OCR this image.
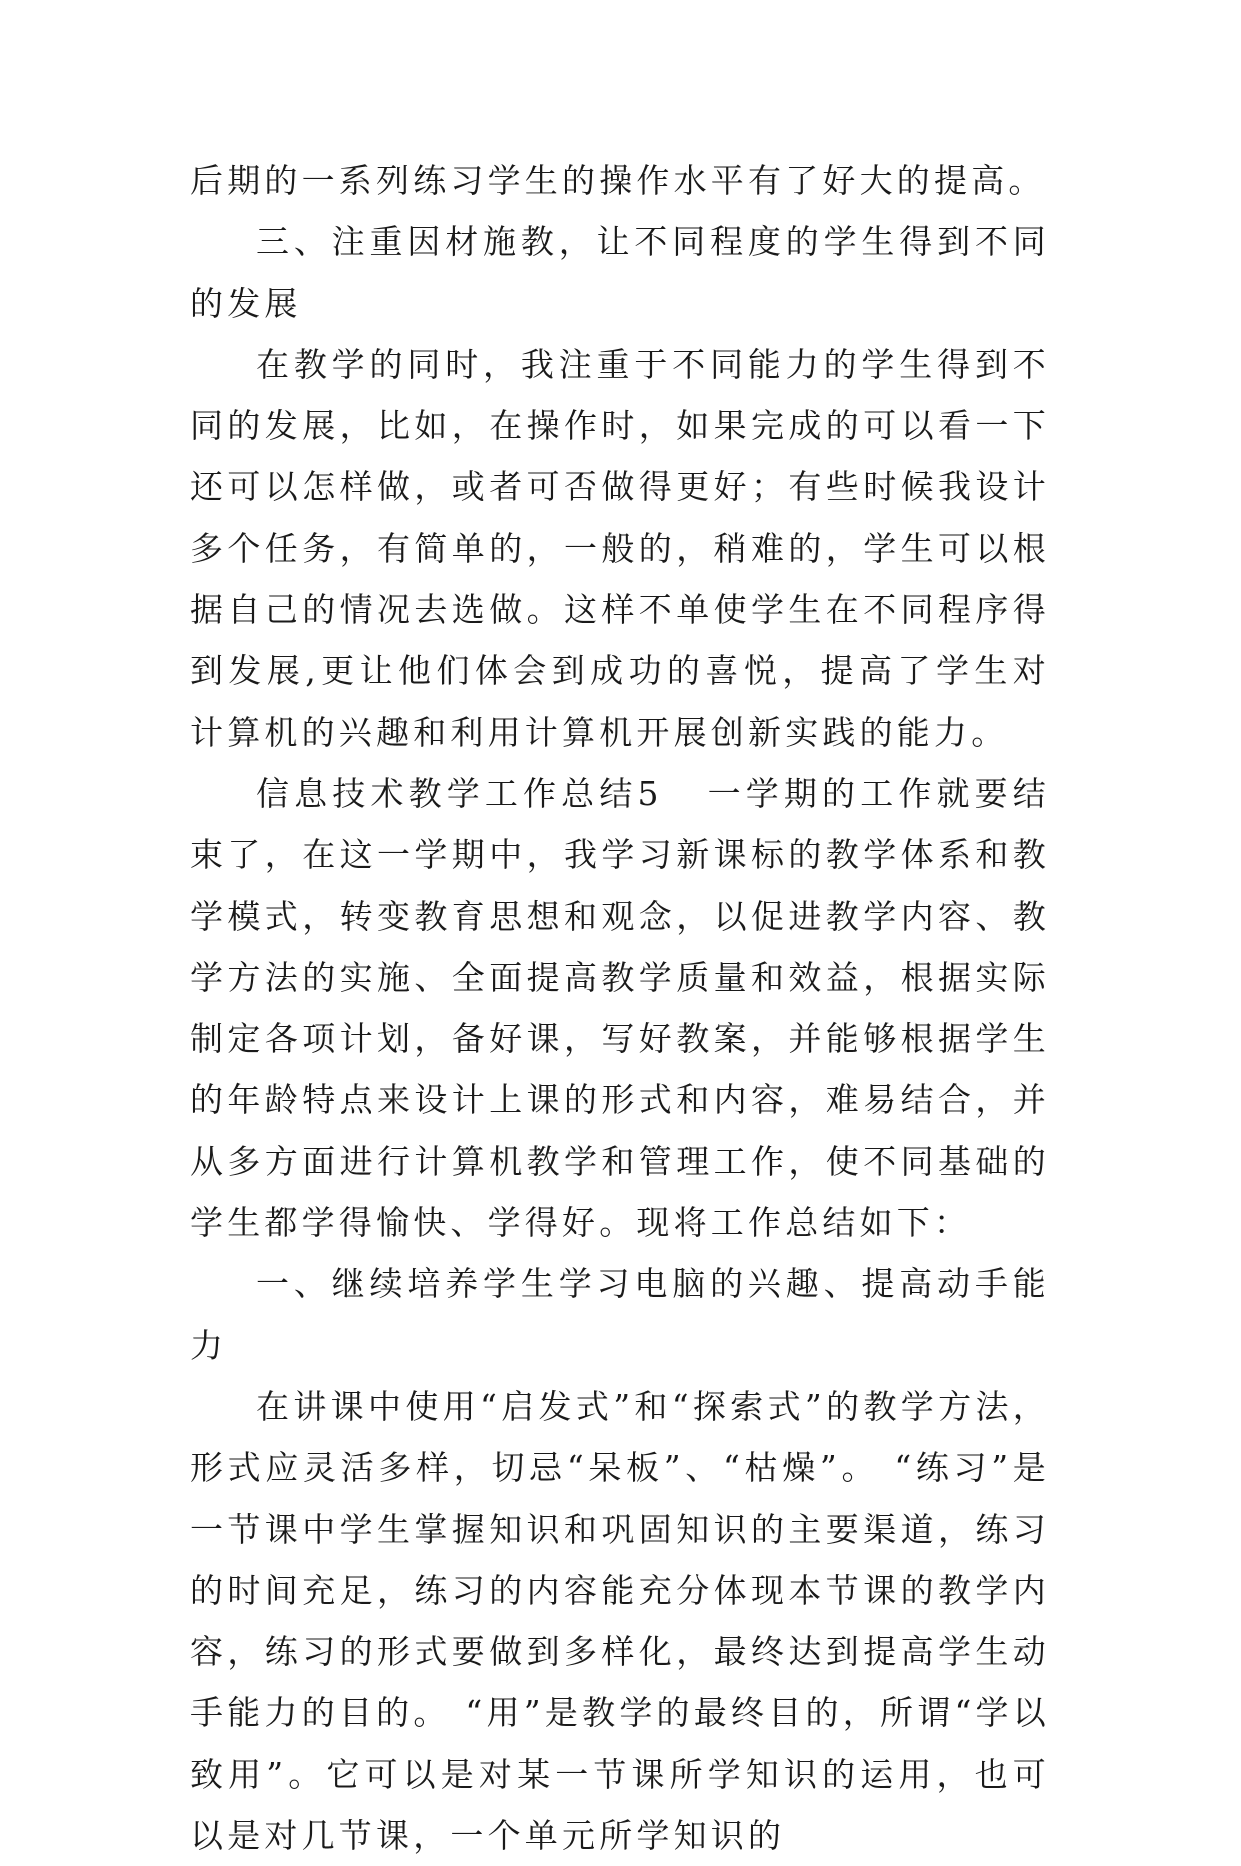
后期的一系列练习学生的操作水平有了好大的提高。

三、注重因材施教，让不同程度的学生得到不同的发展

在教学的同时，我注重于不同能力的学生得到不同的发展，比如，在操作时，如果完成的可以看一下还可以怎样做，或者可否做得更好；有些时候我设计多个任务，有简单的，一般的，稍难的，学生可以根据自己的情况去选做。这样不单使学生在不同程序得到发展,更让他们体会到成功的喜悦，提高了学生对计算机的兴趣和利用计算机开展创新实践的能力。

信息技术教学工作总结5 一学期的工作就要结束了，在这一学期中，我学习新课标的教学体系和教学模式，转变教育思想和观念，以促进教学内容、教学方法的实施、全面提高教学质量和效益，根据实际制定各项计划，备好课，写好教案，并能够根据学生的年龄特点来设计上课的形式和内容，难易结合，并从多方面进行计算机教学和管理工作，使不同基础的学生都学得愉快、学得好。现将工作总结如下：

一、继续培养学生学习电脑的兴趣、提高动手能力

在讲课中使用“启发式”和“探索式”的教学方法，形式应灵活多样，切忌“呆板”、“枯燥”。 “练习”是一节课中学生掌握知识和巩固知识的主要渠道，练习的时间充足，练习的内容能充分体现本节课的教学内容，练习的形式要做到多样化，最终达到提高学生动手能力的目的。 “用”是教学的最终目的，所谓“学以致用”。它可以是对某一节课所学知识的运用，也可以是对几节课，一个单元所学知识的
